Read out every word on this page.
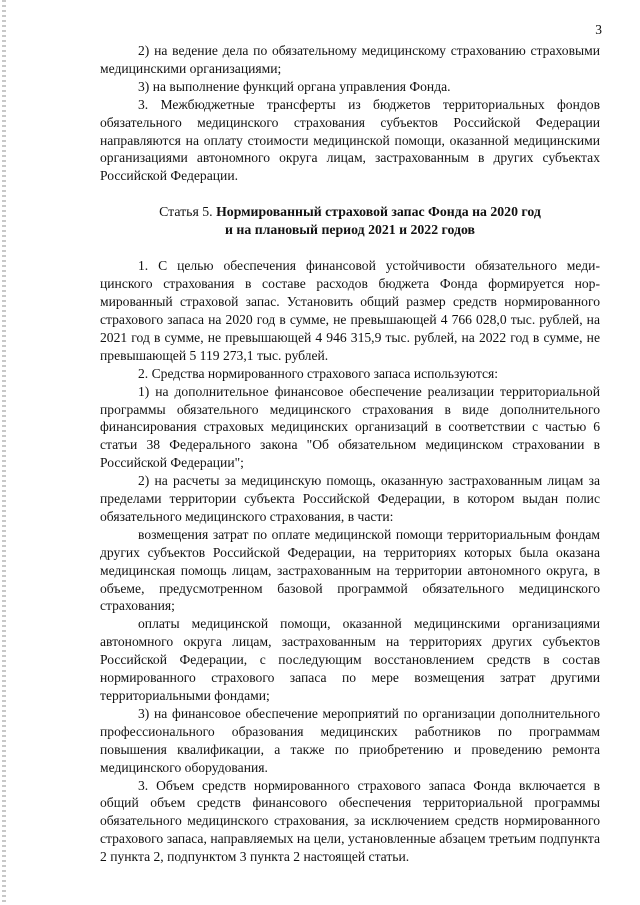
3

2) на ведение дела по обязательному медицинскому страхованию страховыми медицинскими организациями;

3) на выполнение функций органа управления Фонда.

3. Межбюджетные трансферты из бюджетов территориальных фондов обязательного медицинского страхования субъектов Российской Федерации направляются на оплату стоимости медицинской помощи, оказанной медицинскими организациями автономного округа лицам, застрахованным в других субъектах Российской Федерации.

Статья 5. Нормированный страховой запас Фонда на 2020 год
и на плановый период 2021 и 2022 годов

1. С целью обеспечения финансовой устойчивости обязательного медицинского страхования в составе расходов бюджета Фонда формируется нормированный страховой запас. Установить общий размер средств нормированного страхового запаса на 2020 год в сумме, не превышающей 4 766 028,0 тыс. рублей, на 2021 год в сумме, не превышающей 4 946 315,9 тыс. рублей, на 2022 год в сумме, не превышающей 5 119 273,1 тыс. рублей.

2. Средства нормированного страхового запаса используются:

1) на дополнительное финансовое обеспечение реализации территориальной программы обязательного медицинского страхования в виде дополнительного финансирования страховых медицинских организаций в соответствии с частью 6 статьи 38 Федерального закона "Об обязательном медицинском страховании в Российской Федерации";

2) на расчеты за медицинскую помощь, оказанную застрахованным лицам за пределами территории субъекта Российской Федерации, в котором выдан полис обязательного медицинского страхования, в части:

возмещения затрат по оплате медицинской помощи территориальным фондам других субъектов Российской Федерации, на территориях которых была оказана медицинская помощь лицам, застрахованным на территории автономного округа, в объеме, предусмотренном базовой программой обязательного медицинского страхования;

оплаты медицинской помощи, оказанной медицинскими организациями автономного округа лицам, застрахованным на территориях других субъектов Российской Федерации, с последующим восстановлением средств в состав нормированного страхового запаса по мере возмещения затрат другими территориальными фондами;

3) на финансовое обеспечение мероприятий по организации дополнительного профессионального образования медицинских работников по программам повышения квалификации, а также по приобретению и проведению ремонта медицинского оборудования.

3. Объем средств нормированного страхового запаса Фонда включается в общий объем средств финансового обеспечения территориальной программы обязательного медицинского страхования, за исключением средств нормированного страхового запаса, направляемых на цели, установленные абзацем третьим подпункта 2 пункта 2, подпунктом 3 пункта 2 настоящей статьи.
